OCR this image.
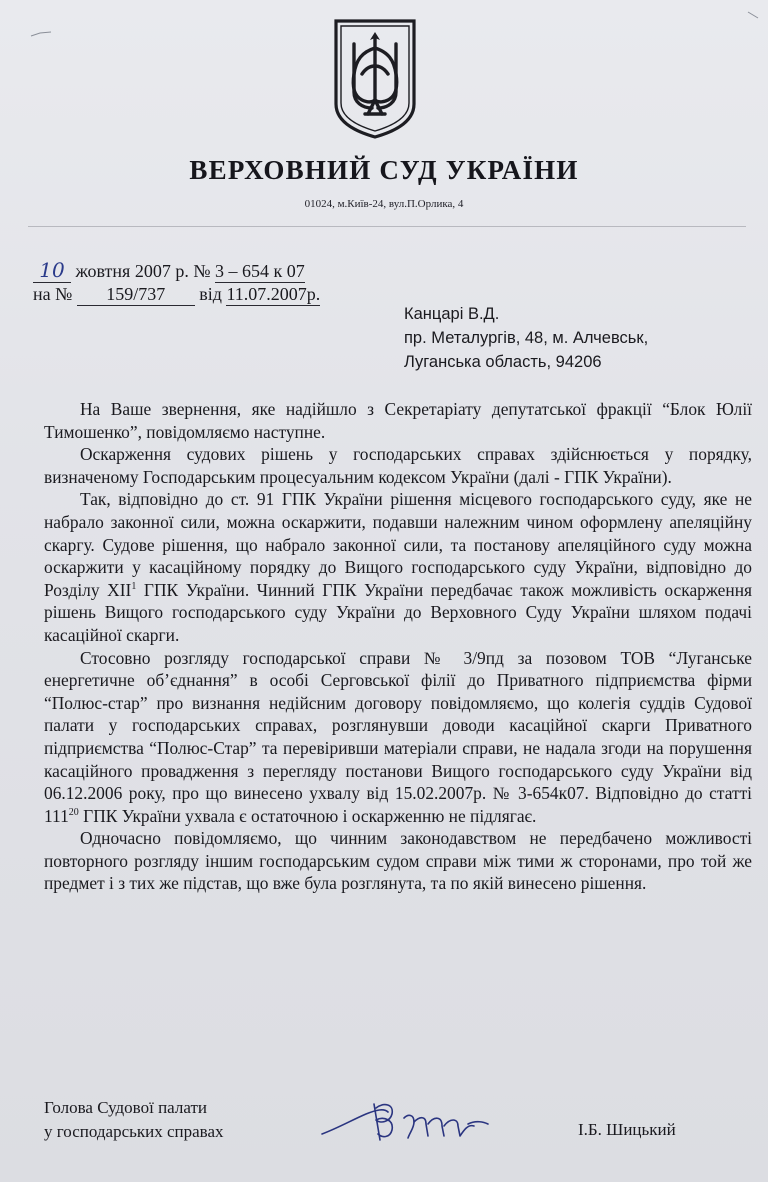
ВЕРХОВНИЙ СУД УКРАЇНИ
01024, м.Київ-24, вул.П.Орлика, 4
10 жовтня 2007 р. № 3 – 654 к 07
на № 159/737 від 11.07.2007р.
Канцарі В.Д.
пр. Металургів, 48, м. Алчевськ,
Луганська область, 94206

На Ваше звернення, яке надійшло з Секретаріату депутатської фракції “Блок Юлії Тимошенко”, повідомляємо наступне.

Оскарження судових рішень у господарських справах здійснюється у порядку, визначеному Господарським процесуальним кодексом України (далі - ГПК України).

Так, відповідно до ст. 91 ГПК України рішення місцевого господарського суду, яке не набрало законної сили, можна оскаржити, подавши належним чином оформлену апеляційну скаргу. Судове рішення, що набрало законної сили, та постанову апеляційного суду можна оскаржити у касаційному порядку до Вищого господарського суду України, відповідно до Розділу XII$^1$ ГПК України. Чинний ГПК України передбачає також можливість оскарження рішень Вищого господарського суду України до Верховного Суду України шляхом подачі касаційної скарги.

Стосовно розгляду господарської справи № 3/9пд за позовом ТОВ “Луганське енергетичне об’єднання” в особі Серговської філії до Приватного підприємства фірми “Полюс-стар” про визнання недійсним договору повідомляємо, що колегія суддів Судової палати у господарських справах, розглянувши доводи касаційної скарги Приватного підприємства “Полюс-Стар” та перевіривши матеріали справи, не надала згоди на порушення касаційного провадження з перегляду постанови Вищого господарського суду України від 06.12.2006 року, про що винесено ухвалу від 15.02.2007р. № 3-654к07. Відповідно до статті $111^{20}$ ГПК України ухвала є остаточною і оскарженню не підлягає.

Одночасно повідомляємо, що чинним законодавством не передбачено можливості повторного розгляду іншим господарським судом справи між тими ж сторонами, про той же предмет і з тих же підстав, що вже була розглянута, та по якій винесено рішення.

Голова Судової палати
у господарських справах	І.Б. Шицький
